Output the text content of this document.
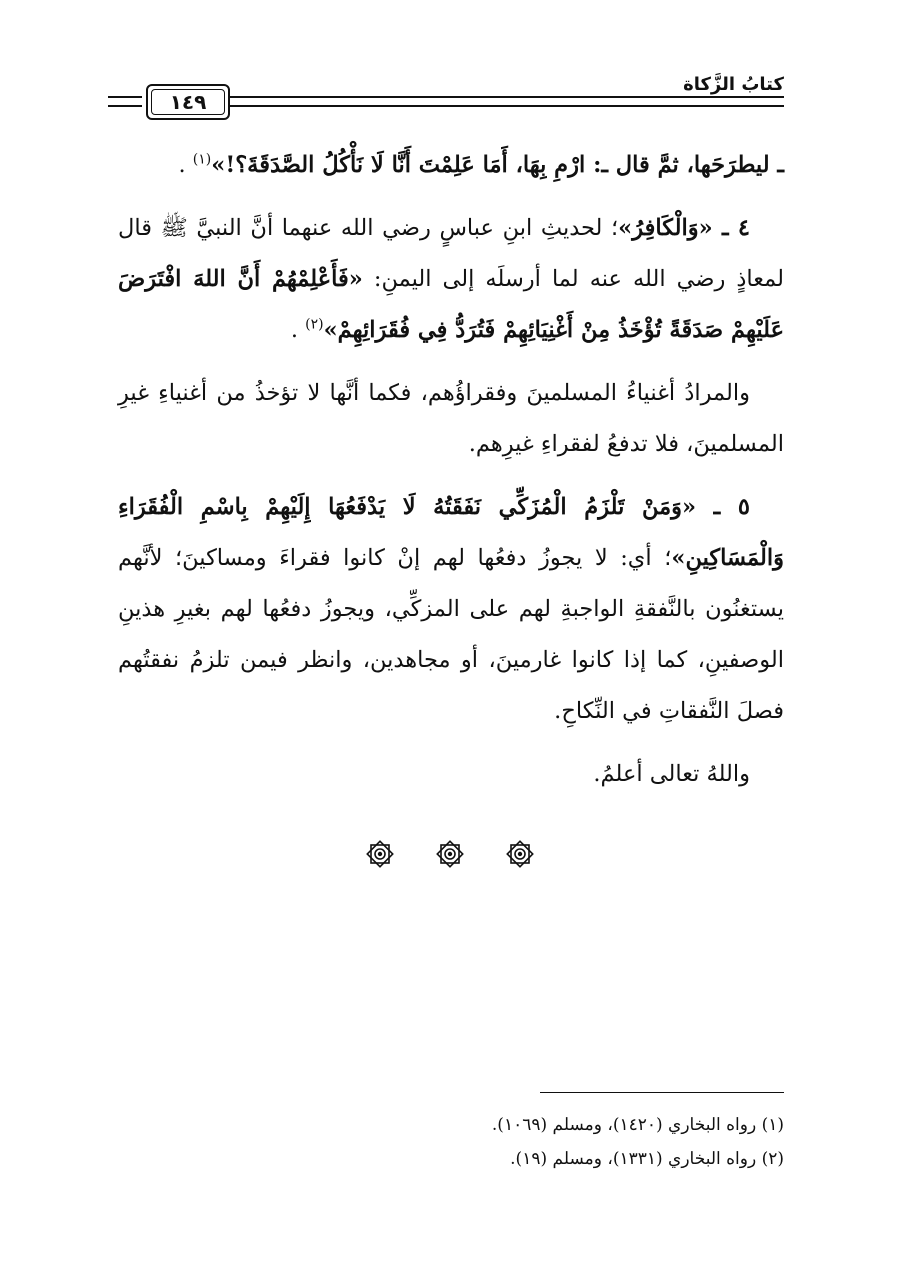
١٤٩
كتابُ الزَّكاة

ـ ليطرَحَها، ثمَّ قال ـ: ارْمِ بِهَا، أَمَا عَلِمْتَ أَنَّا لَا نَأْكُلُ الصَّدَقَةَ؟!»$^{(١)}$ .

٤ ـ «وَالْكَافِرُ»؛ لحديثِ ابنِ عباسٍ رضي الله عنهما أنَّ النبيَّ ﷺ قال لمعاذٍ رضي الله عنه لما أرسلَه إلى اليمنِ: «فَأَعْلِمْهُمْ أَنَّ اللهَ افْتَرَضَ عَلَيْهِمْ صَدَقَةً تُؤْخَذُ مِنْ أَغْنِيَائِهِمْ فَتُرَدُّ فِي فُقَرَائِهِمْ»$^{(٢)}$ .

والمرادُ أغنياءُ المسلمينَ وفقراؤُهم، فكما أنَّها لا تؤخذُ من أغنياءِ غيرِ المسلمينَ، فلا تدفعُ لفقراءِ غيرِهم.

٥ ـ «وَمَنْ تَلْزَمُ الْمُزَكِّي نَفَقَتُهُ لَا يَدْفَعُهَا إِلَيْهِمْ بِاسْمِ الْفُقَرَاءِ وَالْمَسَاكِينِ»؛ أي: لا يجوزُ دفعُها لهم إنْ كانوا فقراءَ ومساكينَ؛ لأنَّهم يستغنُون بالنَّفقةِ الواجبةِ لهم على المزكِّي، ويجوزُ دفعُها لهم بغيرِ هذينِ الوصفينِ، كما إذا كانوا غارمينَ، أو مجاهدين، وانظر فيمن تلزمُ نفقتُهم فصلَ النَّفقاتِ في النِّكاحِ.

واللهُ تعالى أعلمُ.

(١) رواه البخاري (١٤٢٠)، ومسلم (١٠٦٩).

(٢) رواه البخاري (١٣٣١)، ومسلم (١٩).
